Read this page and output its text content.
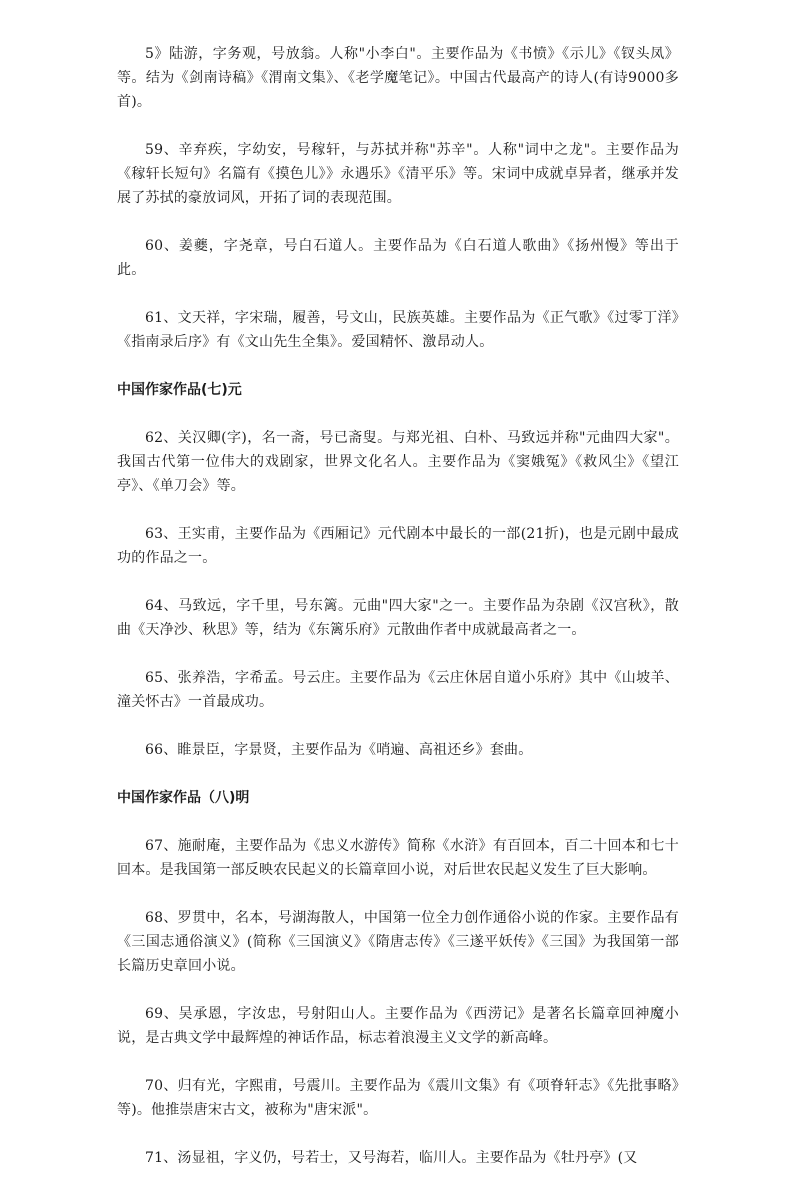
5》陆游，字务观，号放翁。人称"小李白"。主要作品为《书愤》《示儿》《钗头凤》等。结为《剑南诗稿》《渭南文集》、《老学魔笔记》。中国古代最高产的诗人(有诗9000多首)。

59、辛弃疾，字幼安，号稼轩，与苏拭并称"苏辛"。人称"词中之龙"。主要作品为《稼轩长短句》名篇有《摸色儿》》永遇乐》《清平乐》等。宋词中成就卓异者，继承并发展了苏拭的豪放词风，开拓了词的表现范围。

60、姜夔，字尧章，号白石道人。主要作品为《白石道人歌曲》《扬州慢》等出于此。

61、文天祥，字宋瑞，履善，号文山，民族英雄。主要作品为《正气歌》《过零丁洋》《指南录后序》有《文山先生全集》。爱国精怀、激昂动人。

中国作家作品(七)元

62、关汉卿(字)，名一斋，号已斋叟。与郑光祖、白朴、马致远并称"元曲四大家"。我国古代第一位伟大的戏剧家，世界文化名人。主要作品为《窦娥冤》《救风尘》《望江亭》、《单刀会》等。

63、王实甫，主要作品为《西厢记》元代剧本中最长的一部(21折)，也是元剧中最成功的作品之一。

64、马致远，字千里，号东篱。元曲"四大家"之一。主要作品为杂剧《汉宫秋》，散曲《天净沙、秋思》等，结为《东篱乐府》元散曲作者中成就最高者之一。

65、张养浩，字希孟。号云庄。主要作品为《云庄休居自道小乐府》其中《山坡羊、潼关怀古》一首最成功。

66、睢景臣，字景贤，主要作品为《哨遍、高祖还乡》套曲。

中国作家作品（八)明

67、施耐庵，主要作品为《忠义水游传》简称《水浒》有百回本，百二十回本和七十回本。是我国第一部反映农民起义的长篇章回小说，对后世农民起义发生了巨大影响。

68、罗贯中，名本，号湖海散人，中国第一位全力创作通俗小说的作家。主要作品有《三国志通俗演义》(简称《三国演义》《隋唐志传》《三遂平妖传》《三国》为我国第一部长篇历史章回小说。

69、吴承恩，字汝忠，号射阳山人。主要作品为《西涝记》是著名长篇章回神魔小说，是古典文学中最辉煌的神话作品，标志着浪漫主义文学的新高峰。

70、归有光，字熙甫，号震川。主要作品为《震川文集》有《项脊轩志》《先批事略》等)。他推崇唐宋古文，被称为"唐宋派"。

71、汤显祖，字义仍，号若士，又号海若，临川人。主要作品为《牡丹亭》(又
